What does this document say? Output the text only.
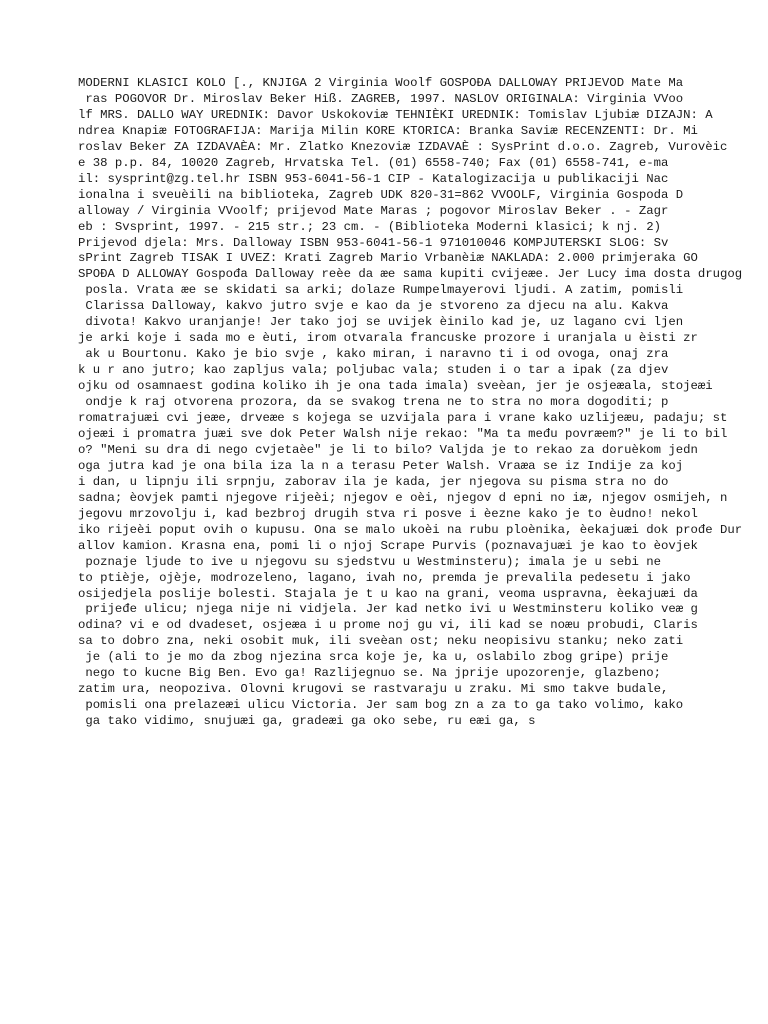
MODERNI KLASICI KOLO [., KNJIGA 2 Virginia Woolf GOSPOĐA DALLOWAY PRIJEVOD Mate Ma
ras POGOVOR Dr. Miroslav Beker Hiß. ZAGREB, 1997. NASLOV ORIGINALA: Virginia VVoo
lf MRS. DALLO WAY UREDNIK: Davor Uskokoviæ TEHNIÈKI UREDNIK: Tomislav Ljubiæ DIZAJN: A
ndrea Knapiæ FOTOGRAFIJA: Marija Milin KORE KTORICA: Branka Saviæ RECENZENTI: Dr. Mi
roslav Beker ZA IZDAVAÈA: Mr. Zlatko Knezoviæ IZDAVAÈ : SysPrint d.o.o. Zagreb, Vurovèic
e 38 p.p. 84, 10020 Zagreb, Hrvatska Tel. (01) 6558-740; Fax (01) 6558-741, e-ma
il: sysprint@zg.tel.hr ISBN 953-6041-56-1 CIP - Katalogizacija u publikaciji Nac
ionalna i sveuèili na biblioteka, Zagreb UDK 820-31=862 VVOOLF, Virginia Gospoda D
alloway / Virginia VVoolf; prijevod Mate Maras ; pogovor Miroslav Beker . - Zagr
eb : Svsprint, 1997. - 215 str.; 23 cm. - (Biblioteka Moderni klasici; k nj. 2)
Prijevod djela: Mrs. Dalloway ISBN 953-6041-56-1 971010046 KOMPJUTERSKI SLOG: Sv
sPrint Zagreb TISAK I UVEZ: Krati Zagreb Mario Vrbanèiæ NAKLADA: 2.000 primjeraka GO
SPOĐA D ALLOWAY Gospođa Dalloway reèe da æe sama kupiti cvijeæe. Jer Lucy ima dosta drugog
posla. Vrata æe se skidati sa arki; dolaze Rumpelmayerovi ljudi. A zatim, pomisli
Clarissa Dalloway, kakvo jutro svje e kao da je stvoreno za djecu na alu. Kakva
divota! Kakvo uranjanje! Jer tako joj se uvijek èinilo kad je, uz lagano cvi ljen
je arki koje i sada mo e èuti, irom otvarala francuske prozore i uranjala u èisti zr
ak u Bourtonu. Kako je bio svje , kako miran, i naravno ti i od ovoga, onaj zra
k u r ano jutro; kao zapljus vala; poljubac vala; studen i o tar a ipak (za djev
ojku od osamnaest godina koliko ih je ona tada imala) sveèan, jer je osjeæala, stojeæi
ondje k raj otvorena prozora, da se svakog trena ne to stra no mora dogoditi; p
romatrajuæi cvi jeæe, drveæe s kojega se uzvijala para i vrane kako uzlijeæu, padaju; st
ojeæi i promatra juæi sve dok Peter Walsh nije rekao: "Ma ta među povræem?" je li to bil
o? "Meni su dra di nego cvjetaèe" je li to bilo? Valjda je to rekao za doruèkom jedn
oga jutra kad je ona bila iza la n a terasu Peter Walsh. Vraæa se iz Indije za koj
i dan, u lipnju ili srpnju, zaborav ila je kada, jer njegova su pisma stra no do
sadna; èovjek pamti njegove rijeèi; njegov e oèi, njegov d epni no iæ, njegov osmijeh, n
jegovu mrzovolju i, kad bezbroj drugih stva ri posve i èezne kako je to èudno! nekol
iko rijeèi poput ovih o kupusu. Ona se malo ukoèi na rubu ploènika, èekajuæi dok prođe Dur
allov kamion. Krasna ena, pomi li o njoj Scrape Purvis (poznavajuæi je kao to èovjek
poznaje ljude to ive u njegovu su sjedstvu u Westminsteru); imala je u sebi ne
to ptièje, ojèje, modrozeleno, lagano, ivah no, premda je prevalila pedesetu i jako
osijedjela poslije bolesti. Stajala je t u kao na grani, veoma uspravna, èekajuæi da
prijeđe ulicu; njega nije ni vidjela. Jer kad netko ivi u Westminsteru koliko veæ g
odina? vi e od dvadeset, osjeæa i u prome noj gu vi, ili kad se noæu probudi, Claris
sa to dobro zna, neki osobit muk, ili sveèan ost; neku neopisivu stanku; neko zati
je (ali to je mo da zbog njezina srca koje je, ka u, oslabilo zbog gripe) prije
nego to kucne Big Ben. Evo ga! Razlijegnuo se. Na jprije upozorenje, glazbeno;
zatim ura, neopoziva. Olovni krugovi se rastvaraju u zraku. Mi smo takve budale,
pomisli ona prelazeæi ulicu Victoria. Jer sam bog zn a za to ga tako volimo, kako
ga tako vidimo, snujuæi ga, gradeæi ga oko sebe, ru eæi ga, s
